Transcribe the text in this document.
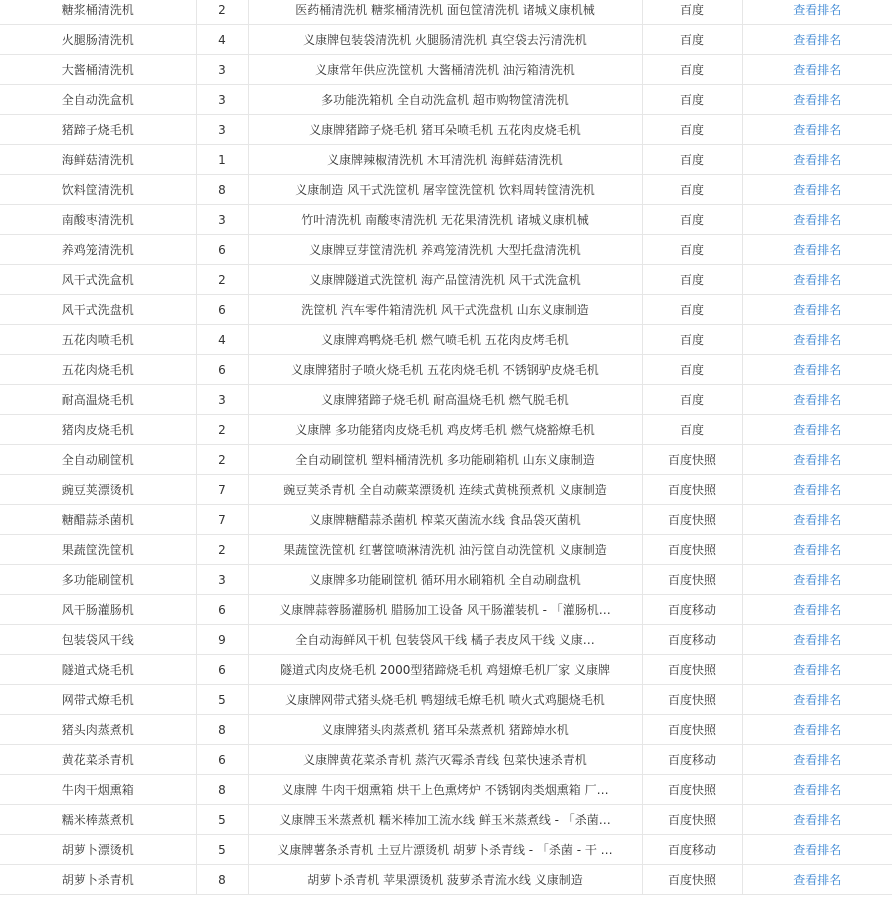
糖浆桶清洗机	2	医药桶清洗机 糖浆桶清洗机 面包筐清洗机 诸城义康机械	百度	查看排名
火腿肠清洗机	4	义康牌包装袋清洗机 火腿肠清洗机 真空袋去污清洗机	百度	查看排名
大酱桶清洗机	3	义康常年供应洗筐机 大酱桶清洗机 油污箱清洗机	百度	查看排名
全自动洗盒机	3	多功能洗箱机 全自动洗盒机 超市购物筐清洗机	百度	查看排名
猪蹄子烧毛机	3	义康牌猪蹄子烧毛机 猪耳朵喷毛机 五花肉皮烧毛机	百度	查看排名
海鲜菇清洗机	1	义康牌辣椒清洗机 木耳清洗机 海鲜菇清洗机	百度	查看排名
饮料筐清洗机	8	义康制造 风干式洗筐机 屠宰筐洗筐机 饮料周转筐清洗机	百度	查看排名
南酸枣清洗机	3	竹叶清洗机 南酸枣清洗机 无花果清洗机 诸城义康机械	百度	查看排名
养鸡笼清洗机	6	义康牌豆芽筐清洗机 养鸡笼清洗机 大型托盘清洗机	百度	查看排名
风干式洗盒机	2	义康牌隧道式洗筐机 海产品筐清洗机 风干式洗盒机	百度	查看排名
风干式洗盘机	6	洗筐机 汽车零件箱清洗机 风干式洗盘机 山东义康制造	百度	查看排名
五花肉喷毛机	4	义康牌鸡鸭烧毛机 燃气喷毛机 五花肉皮烤毛机	百度	查看排名
五花肉烧毛机	6	义康牌猪肘子喷火烧毛机 五花肉烧毛机 不锈钢驴皮烧毛机	百度	查看排名
耐高温烧毛机	3	义康牌猪蹄子烧毛机 耐高温烧毛机 燃气脱毛机	百度	查看排名
猪肉皮烧毛机	2	义康牌 多功能猪肉皮烧毛机 鸡皮烤毛机 燃气烧豁燎毛机	百度	查看排名
全自动刷筐机	2	全自动刷筐机 塑料桶清洗机 多功能刷箱机 山东义康制造	百度快照	查看排名
豌豆荚漂烫机	7	豌豆荚杀青机 全自动蕨菜漂烫机 连续式黄桃预煮机 义康制造	百度快照	查看排名
糖醋蒜杀菌机	7	义康牌糖醋蒜杀菌机 榨菜灭菌流水线 食品袋灭菌机	百度快照	查看排名
果蔬筐洗筐机	2	果蔬筐洗筐机 红薯筐喷淋清洗机 油污筐自动洗筐机 义康制造	百度快照	查看排名
多功能刷筐机	3	义康牌多功能刷筐机 循环用水刷箱机 全自动刷盘机	百度快照	查看排名
风干肠灌肠机	6	义康牌蒜蓉肠灌肠机 腊肠加工设备 风干肠灌装机 - 「灌肠机…	百度移动	查看排名
包装袋风干线	9	全自动海鲜风干机 包装袋风干线 橘子表皮风干线 义康…	百度移动	查看排名
隧道式烧毛机	6	隧道式肉皮烧毛机 2000型猪蹄烧毛机 鸡翅燎毛机厂家 义康牌	百度快照	查看排名
网带式燎毛机	5	义康牌网带式猪头烧毛机 鸭翅绒毛燎毛机 喷火式鸡腿烧毛机	百度快照	查看排名
猪头肉蒸煮机	8	义康牌猪头肉蒸煮机 猪耳朵蒸煮机 猪蹄焯水机	百度快照	查看排名
黄花菜杀青机	6	义康牌黄花菜杀青机 蒸汽灭霉杀青线 包菜快速杀青机	百度移动	查看排名
牛肉干烟熏箱	8	义康牌 牛肉干烟熏箱 烘干上色熏烤炉 不锈钢肉类烟熏箱 厂…	百度快照	查看排名
糯米棒蒸煮机	5	义康牌玉米蒸煮机 糯米棒加工流水线 鲜玉米蒸煮线 - 「杀菌…	百度快照	查看排名
胡萝卜漂烫机	5	义康牌薯条杀青机 土豆片漂烫机 胡萝卜杀青线 - 「杀菌 - 干 …	百度移动	查看排名
胡萝卜杀青机	8	胡萝卜杀青机 苹果漂烫机 菠萝杀青流水线 义康制造	百度快照	查看排名
